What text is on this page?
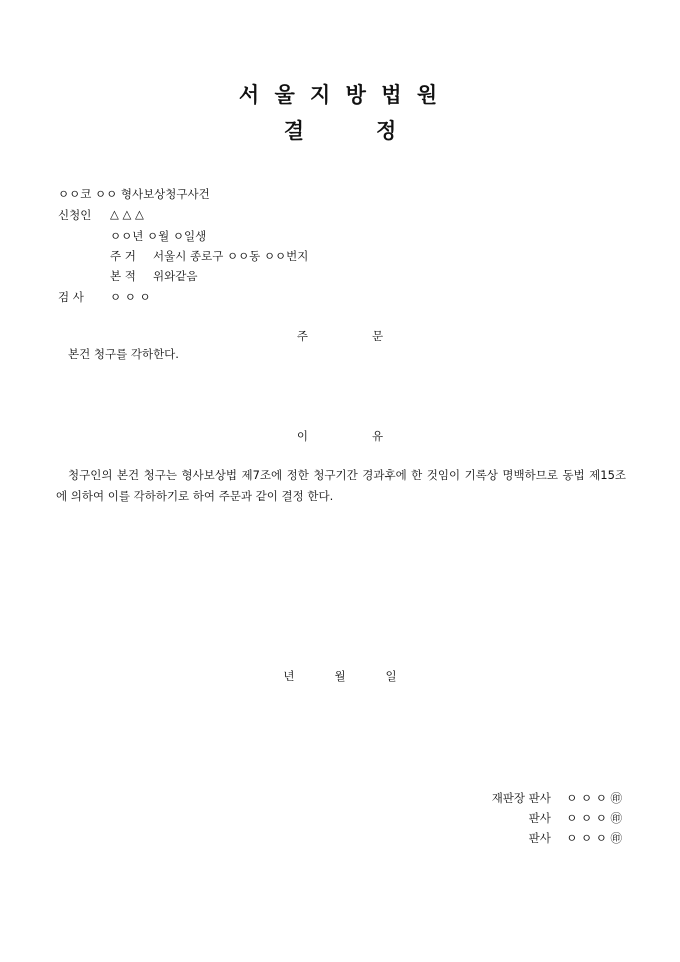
서 울 지 방 법 원
결	정
ㅇㅇ코 ㅇㅇ 형사보상청구사건
신청인 △ △ △
ㅇㅇ년 ㅇ월 ㅇ일생
주 거 서울시 종로구 ㅇㅇ동 ㅇㅇ번지
본 적 위와같음
검 사 ㅇ ㅇ ㅇ
주	문
본건 청구를 각하한다.
이	유
청구인의 본건 청구는 형사보상법 제7조에 정한 청구기간 경과후에 한 것임이 기록상 명백하므로 동법 제15조에 의하여 이를 각하하기로 하여 주문과 같이 결정 한다.
년	월	일
재판장 판사 ㅇ ㅇ ㅇ ㊞
판사 ㅇ ㅇ ㅇ ㊞
판사 ㅇ ㅇ ㅇ ㊞
